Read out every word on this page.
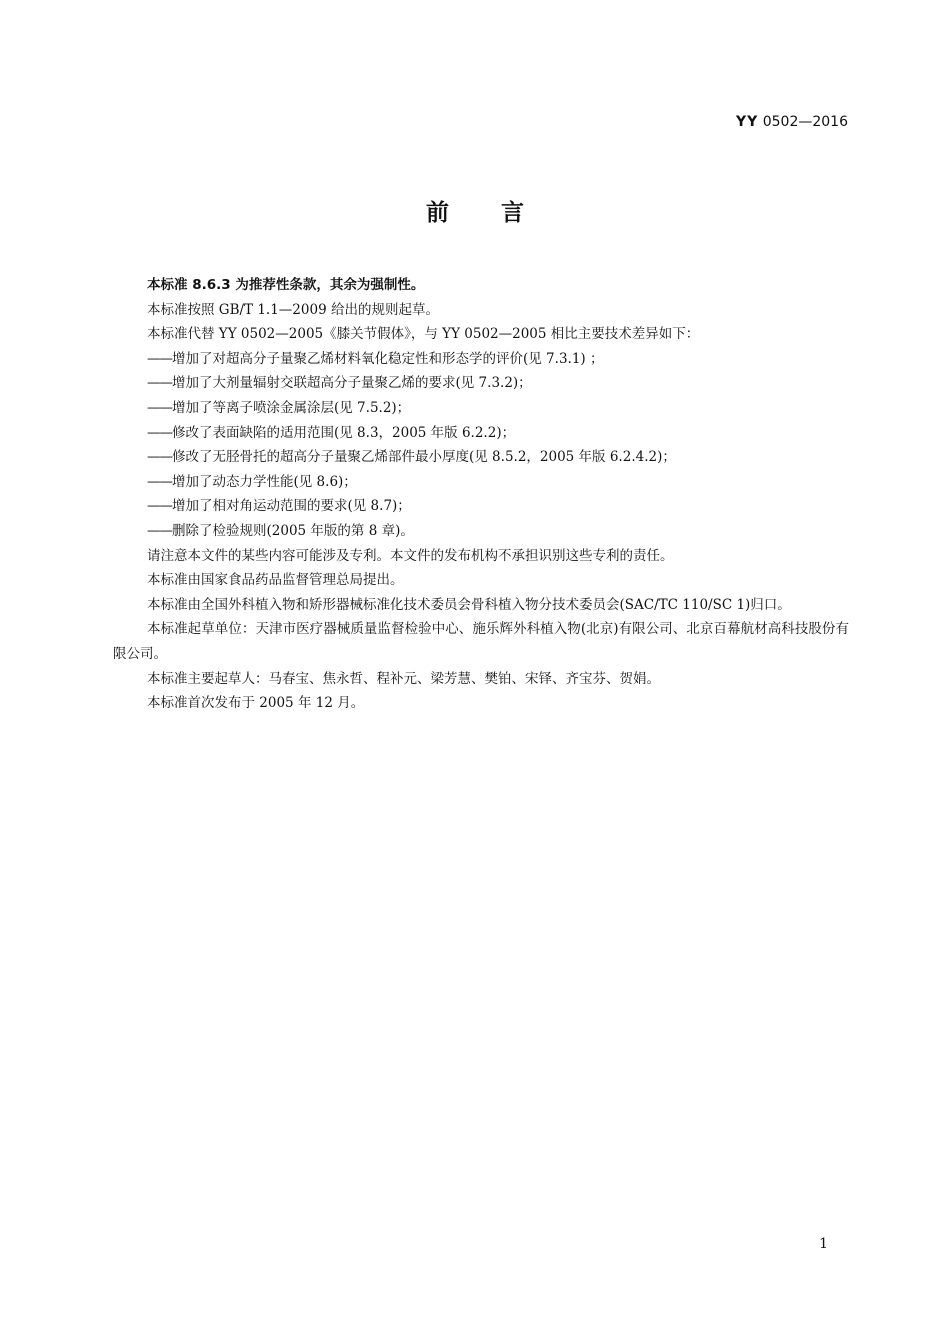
YY 0502—2016
前言

本标准 8.6.3 为推荐性条款，其余为强制性。

本标准按照 GB/T 1.1—2009 给出的规则起草。

本标准代替 YY 0502—2005《膝关节假体》，与 YY 0502—2005 相比主要技术差异如下：

——增加了对超高分子量聚乙烯材料氧化稳定性和形态学的评价(见 7.3.1) ；

——增加了大剂量辐射交联超高分子量聚乙烯的要求(见 7.3.2)；

——增加了等离子喷涂金属涂层(见 7.5.2)；

——修改了表面缺陷的适用范围(见 8.3，2005 年版 6.2.2)；

——修改了无胫骨托的超高分子量聚乙烯部件最小厚度(见 8.5.2，2005 年版 6.2.4.2)；

——增加了动态力学性能(见 8.6)；

——增加了相对角运动范围的要求(见 8.7)；

——删除了检验规则(2005 年版的第 8 章)。

请注意本文件的某些内容可能涉及专利。本文件的发布机构不承担识别这些专利的责任。

本标准由国家食品药品监督管理总局提出。

本标准由全国外科植入物和矫形器械标准化技术委员会骨科植入物分技术委员会(SAC/TC 110/SC 1)归口。

本标准起草单位：天津市医疗器械质量监督检验中心、施乐辉外科植入物(北京)有限公司、北京百幕航材高科技股份有限公司。

本标准主要起草人：马春宝、焦永哲、程补元、梁芳慧、樊铂、宋铎、齐宝芬、贺娟。

本标准首次发布于 2005 年 12 月。

1
